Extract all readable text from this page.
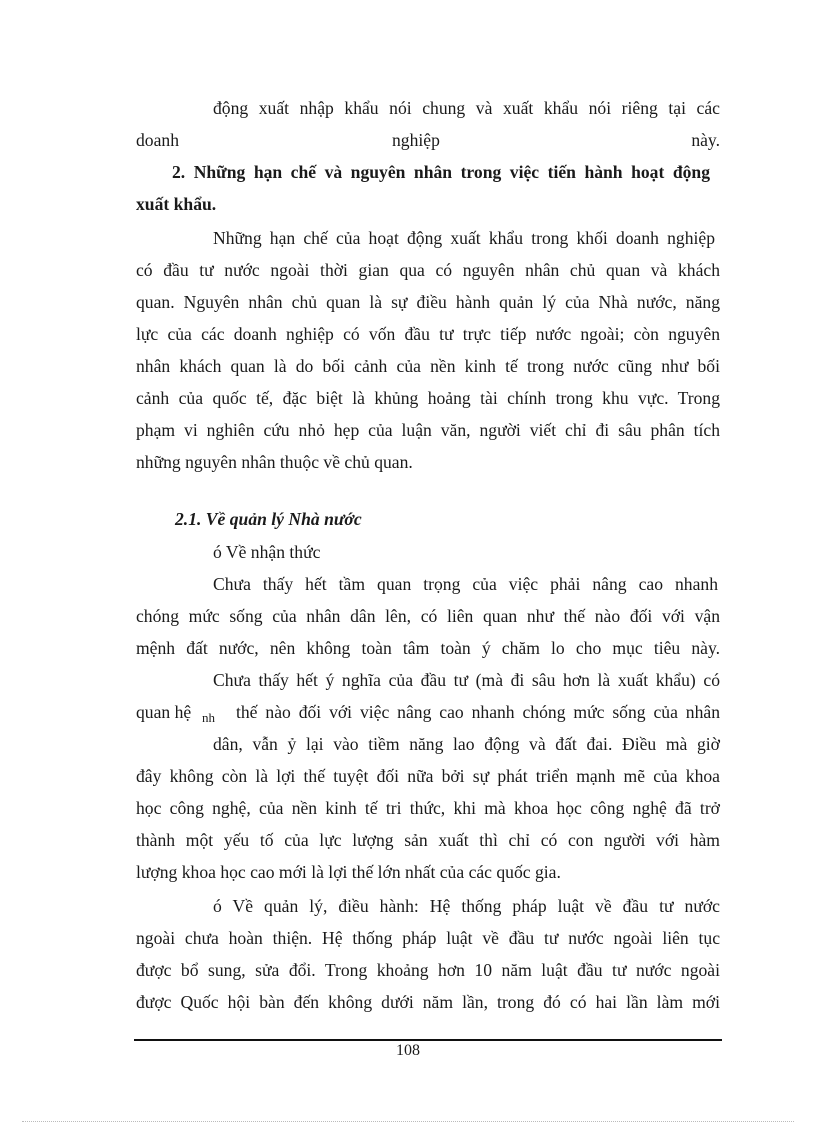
động xuất nhập khẩu nói chung và xuất khẩu nói riêng tại các
doanh	nghiệp	này.
2. Những hạn chế và nguyên nhân trong việc tiến hành hoạt động
xuất khẩu.
Những hạn chế của hoạt động xuất khẩu trong khối doanh nghiệp
có đầu tư nước ngoài thời gian qua có nguyên nhân chủ quan và khách
quan. Nguyên nhân chủ quan là sự điều hành quản lý của Nhà nước, năng
lực của các doanh nghiệp có vốn đầu tư trực tiếp nước ngoài; còn nguyên
nhân khách quan là do bối cảnh của nền kinh tế trong nước cũng như bối
cảnh của quốc tế, đặc biệt là khủng hoảng tài chính trong khu vực. Trong
phạm vi nghiên cứu nhỏ hẹp của luận văn, người viết chỉ đi sâu phân tích
những nguyên nhân thuộc về chủ quan.
2.1. Về quản lý Nhà nước
ó Về nhận thức
Chưa thấy hết tầm quan trọng của việc phải nâng cao nhanh
chóng mức sống của nhân dân lên, có liên quan như thế nào đối với vận
mệnh đất nước, nên không toàn tâm toàn ý chăm lo cho mục tiêu này.
Chưa thấy hết ý nghĩa của đầu tư (mà đi sâu hơn là xuất khẩu) có
quan hệ nh thế nào đối với việc nâng cao nhanh chóng mức sống của nhân
dân, vẫn ỷ lại vào tiềm năng lao động và đất đai. Điều mà giờ
đây không còn là lợi thế tuyệt đối nữa bởi sự phát triển mạnh mẽ của khoa
học công nghệ, của nền kinh tế tri thức, khi mà khoa học công nghệ đã trở
thành một yếu tố của lực lượng sản xuất thì chỉ có con người với hàm
lượng khoa học cao mới là lợi thế lớn nhất của các quốc gia.
ó Về quản lý, điều hành: Hệ thống pháp luật về đầu tư nước
ngoài chưa hoàn thiện. Hệ thống pháp luật về đầu tư nước ngoài liên tục
được bổ sung, sửa đổi. Trong khoảng hơn 10 năm luật đầu tư nước ngoài
được Quốc hội bàn đến không dưới năm lần, trong đó có hai lần làm mới
108
